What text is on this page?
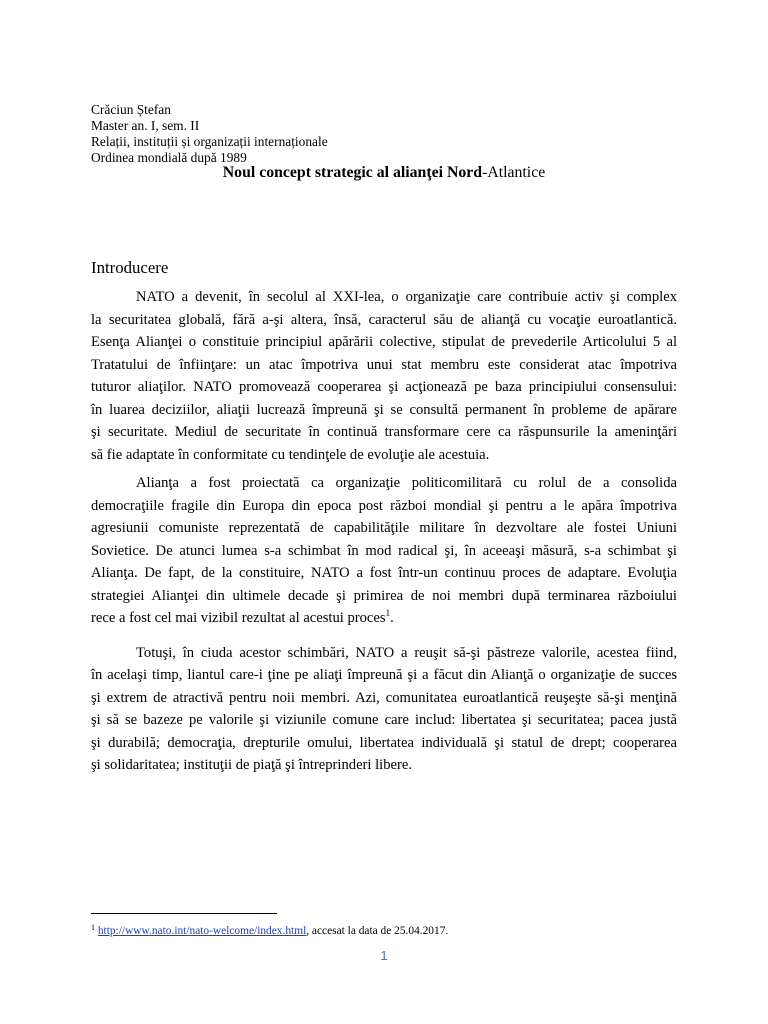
Crăciun Ștefan
Master an. I, sem. II
Relații, instituții și organizații internaționale
Ordinea mondială după 1989
Noul concept strategic al alianţei Nord-Atlantice
Introducere
NATO a devenit, în secolul al XXI-lea, o organizaţie care contribuie activ şi complex
la securitatea globală, fără a-şi altera, însă, caracterul său de alianţă cu vocaţie euroatlantică.
Esenţa Alianţei o constituie principiul apărării colective, stipulat de prevederile Articolului 5 al
Tratatului de înfiinţare: un atac împotriva unui stat membru este considerat atac împotriva
tuturor aliaţilor. NATO promovează cooperarea şi acţionează pe baza principiului consensului:
în luarea deciziilor, aliaţii lucrează împreună şi se consultă permanent în probleme de apărare
şi securitate. Mediul de securitate în continuă transformare cere ca răspunsurile la ameninţări
să fie adaptate în conformitate cu tendinţele de evoluţie ale acestuia.
Alianţa a fost proiectată ca organizaţie politicomilitară cu rolul de a consolida
democraţiile fragile din Europa din epoca post război mondial şi pentru a le apăra împotriva
agresiunii comuniste reprezentată de capabilităţile militare în dezvoltare ale fostei Uniuni
Sovietice. De atunci lumea s-a schimbat în mod radical şi, în aceeaşi măsură, s-a schimbat şi
Alianţa. De fapt, de la constituire, NATO a fost într-un continuu proces de adaptare. Evoluţia
strategiei Alianţei din ultimele decade şi primirea de noi membri după terminarea războiului
rece a fost cel mai vizibil rezultat al acestui proces$^1$.
Totuşi, în ciuda acestor schimbări, NATO a reuşit să-şi păstreze valorile, acestea fiind,
în acelaşi timp, liantul care-i ţine pe aliaţi împreună şi a făcut din Alianţă o organizaţie de succes
şi extrem de atractivă pentru noii membri. Azi, comunitatea euroatlantică reuşeşte să-şi menţină
şi să se bazeze pe valorile şi viziunile comune care includ: libertatea şi securitatea; pacea justă
şi durabilă; democraţia, drepturile omului, libertatea individuală şi statul de drept; cooperarea
şi solidaritatea; instituţii de piaţă şi întreprinderi libere.
$^1$ http://www.nato.int/nato-welcome/index.html, accesat la data de 25.04.2017.
1
